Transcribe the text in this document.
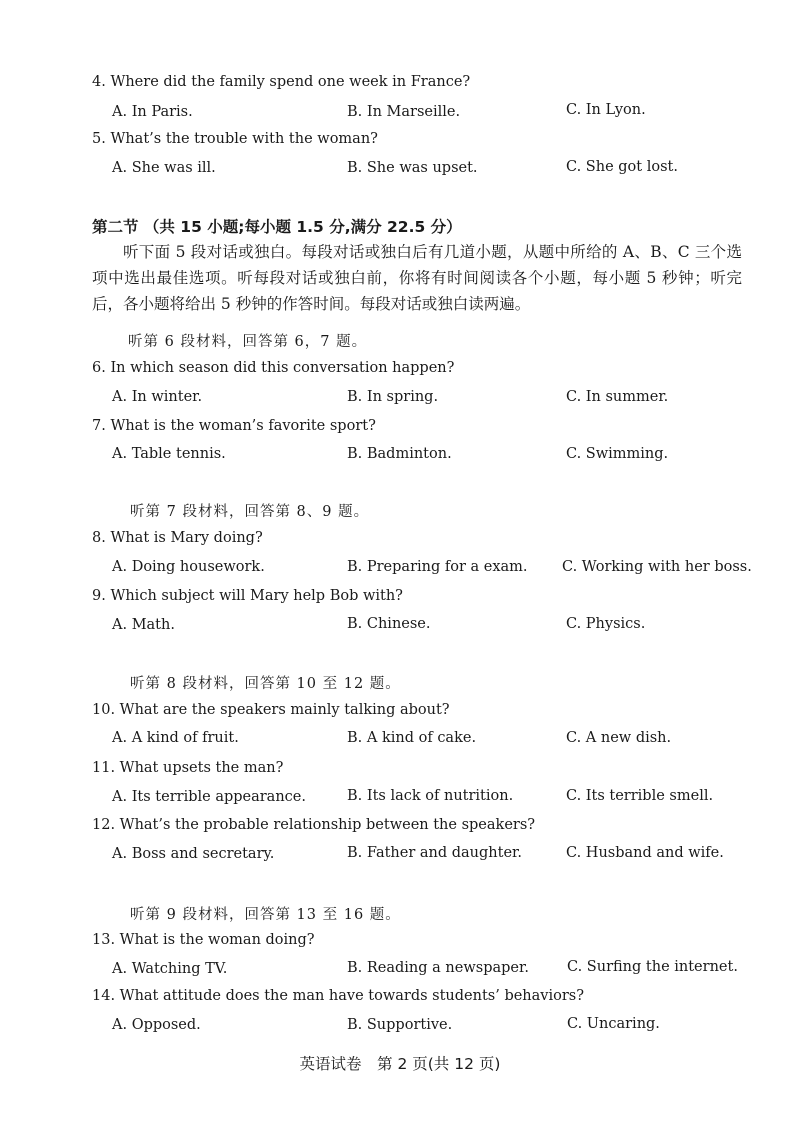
4. Where did the family spend one week in France?
A. In Paris.	B. In Marseille.	C. In Lyon.
5. What’s the trouble with the woman?
A. She was ill.	B. She was upset.	C. She got lost.
第二节 （共 15 小题;每小题 1.5 分,满分 22.5 分）
听下面 5 段对话或独白。每段对话或独白后有几道小题，从题中所给的 A、B、C 三个选项中选出最佳选项。听每段对话或独白前，你将有时间阅读各个小题，每小题 5 秒钟；听完后，各小题将给出 5 秒钟的作答时间。每段对话或独白读两遍。
听第 6 段材料，回答第 6，7 题。
6. In which season did this conversation happen?
A. In winter.	B. In spring.	C. In summer.
7. What is the woman’s favorite sport?
A. Table tennis.	B. Badminton.	C. Swimming.
听第 7 段材料，回答第 8、9 题。
8. What is Mary doing?
A. Doing housework.	B. Preparing for a exam. C. Working with her boss.
9. Which subject will Mary help Bob with?
A. Math.	B. Chinese.	C. Physics.
听第 8 段材料，回答第 10 至 12 题。
10. What are the speakers mainly talking about?
A. A kind of fruit.	B. A kind of cake.	C. A new dish.
11. What upsets the man?
A. Its terrible appearance.	B. Its lack of nutrition.	C. Its terrible smell.
12. What’s the probable relationship between the speakers?
A. Boss and secretary.	B. Father and daughter.	C. Husband and wife.
听第 9 段材料，回答第 13 至 16 题。
13. What is the woman doing?
A. Watching TV.	B. Reading a newspaper.	C. Surfing the internet.
14. What attitude does the man have towards students’ behaviors?
A. Opposed.	B. Supportive.	C. Uncaring.
英语试卷　第 2 页(共 12 页)
